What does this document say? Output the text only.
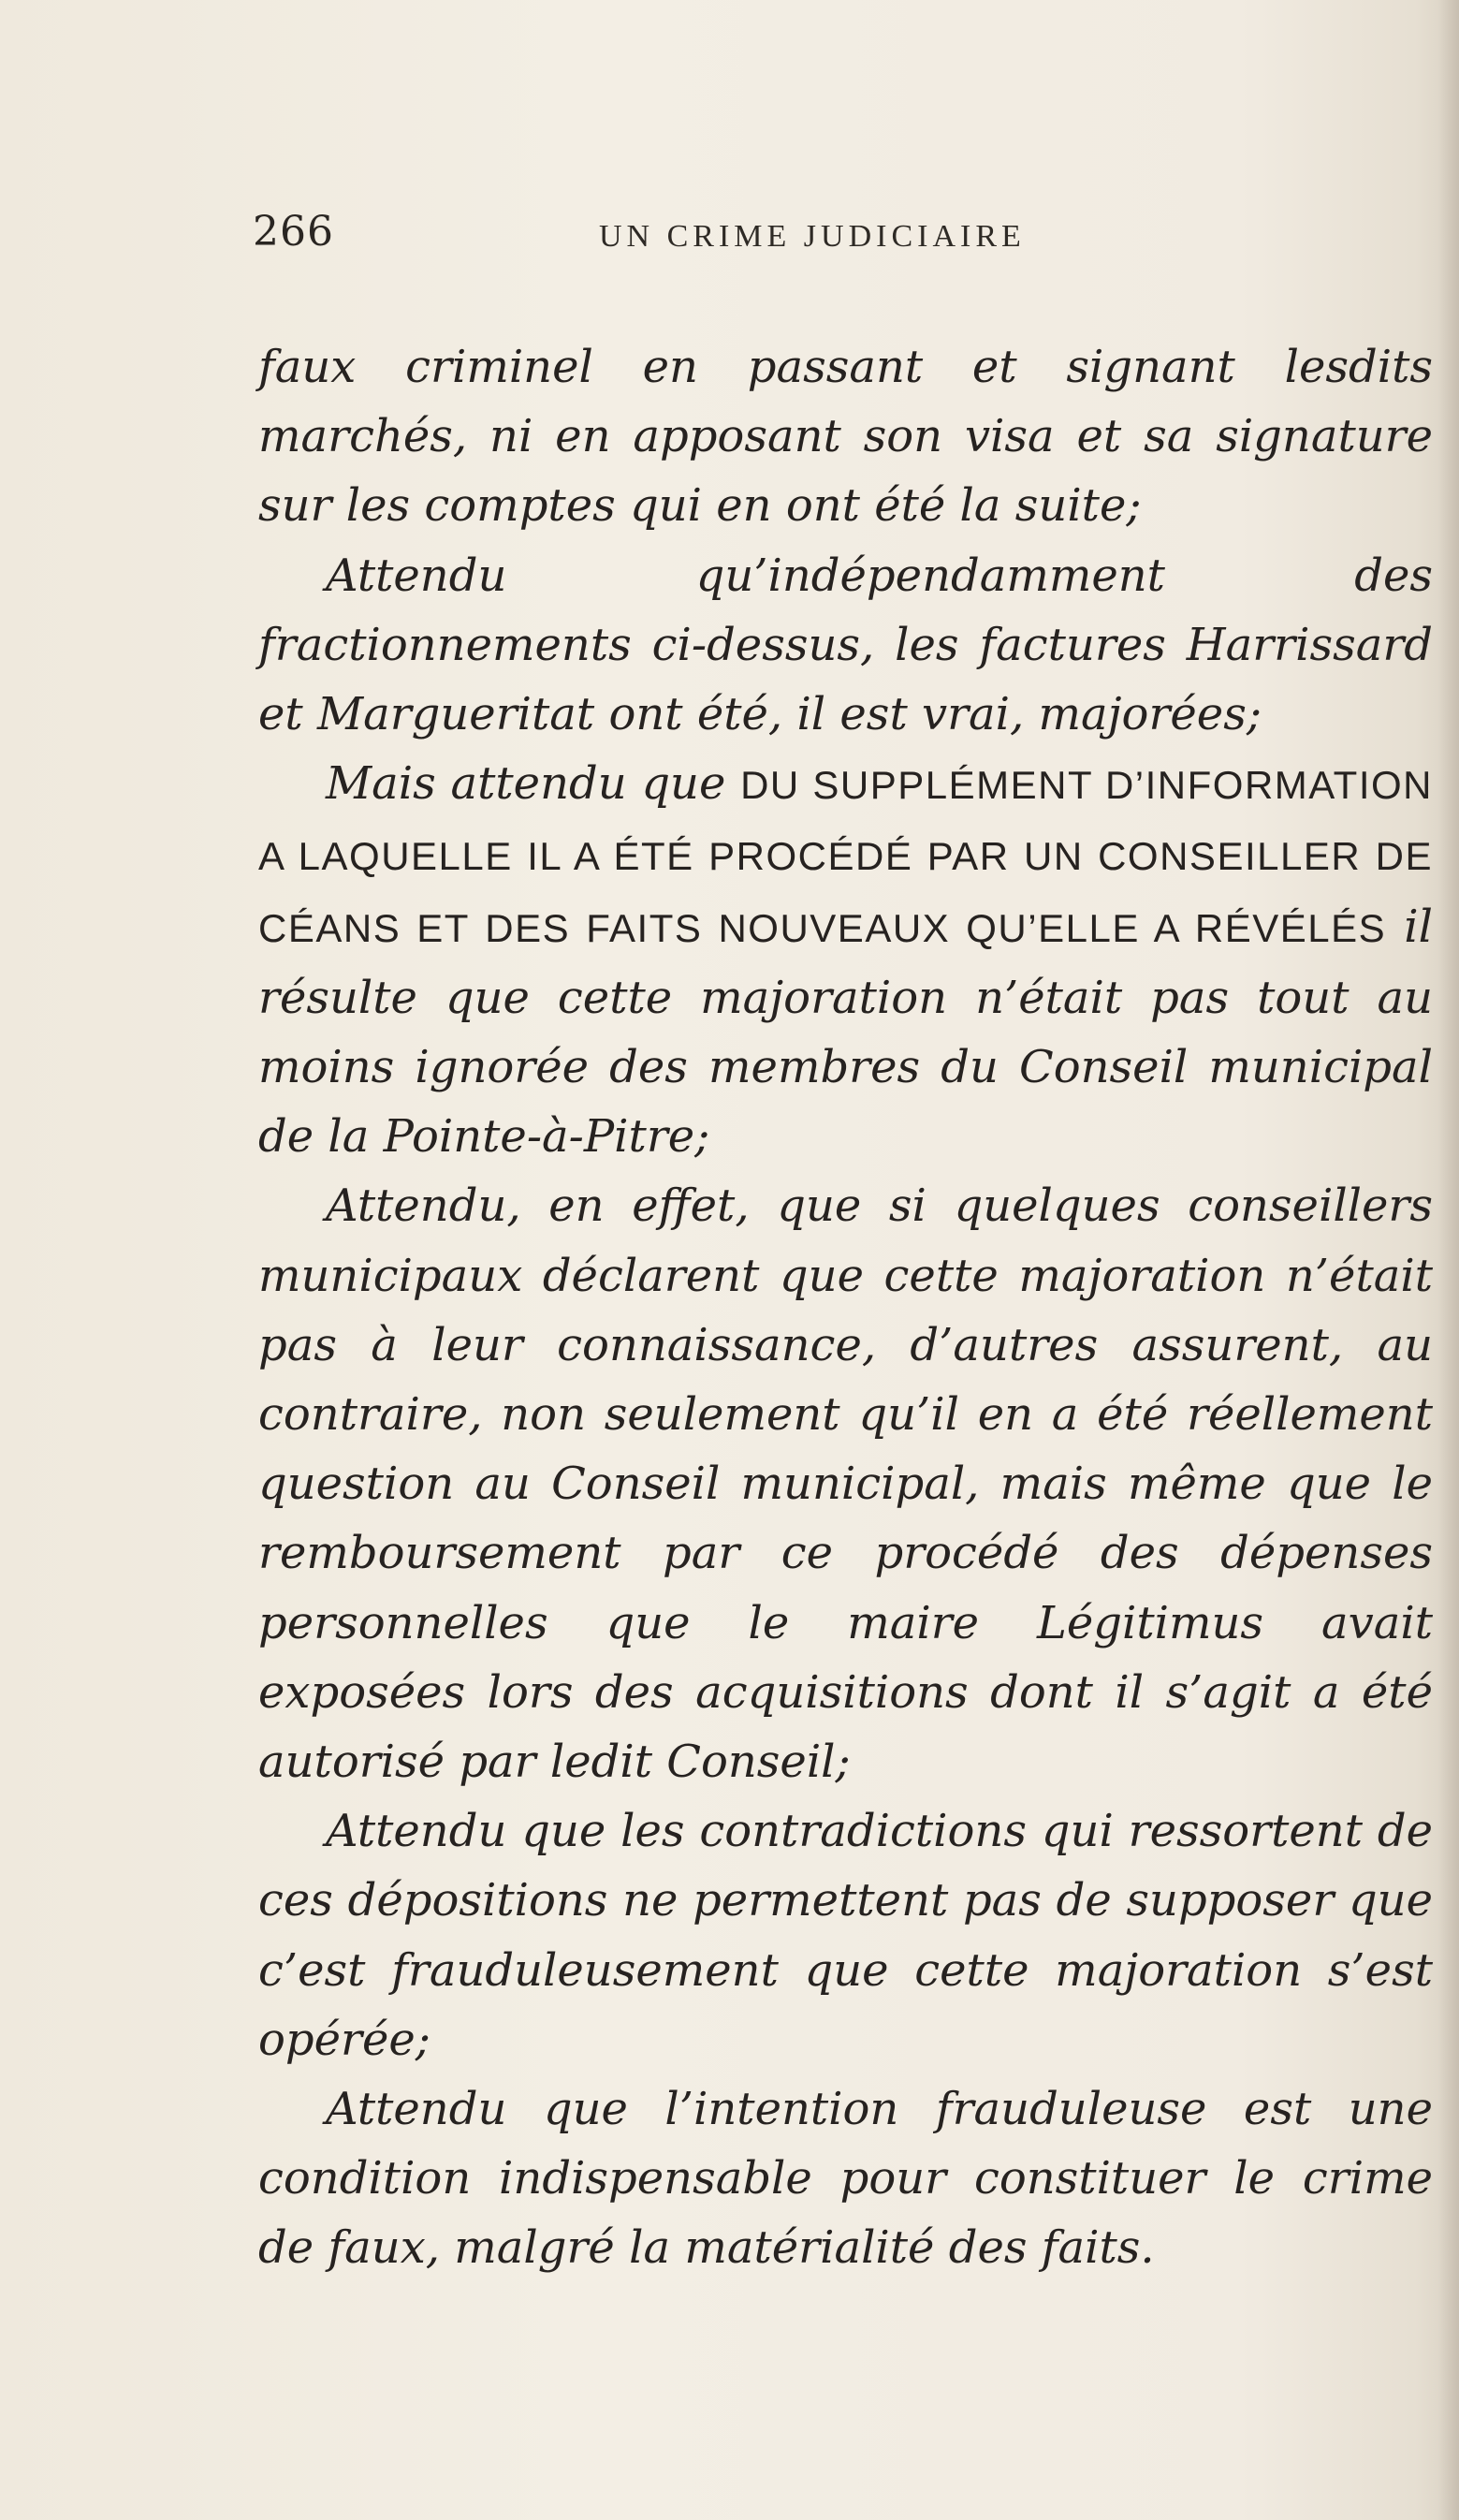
266	UN CRIME JUDICIAIRE

faux criminel en passant et signant lesdits marchés, ni en apposant son visa et sa signature sur les comptes qui en ont été la suite;

Attendu qu’indépendamment des fractionnements ci-dessus, les factures Harrissard et Margueritat ont été, il est vrai, majorées;

Mais attendu que DU SUPPLÉMENT D’INFORMATION A LAQUELLE IL A ÉTÉ PROCÉDÉ PAR UN CONSEILLER DE CÉANS ET DES FAITS NOUVEAUX QU’ELLE A RÉVÉLÉS il résulte que cette majoration n’était pas tout au moins ignorée des membres du Conseil municipal de la Pointe-à-Pitre;

Attendu, en effet, que si quelques conseillers municipaux déclarent que cette majoration n’était pas à leur connaissance, d’autres assurent, au contraire, non seulement qu’il en a été réellement question au Conseil municipal, mais même que le remboursement par ce procédé des dépenses personnelles que le maire Légitimus avait exposées lors des acquisitions dont il s’agit a été autorisé par ledit Conseil;

Attendu que les contradictions qui ressortent de ces dépositions ne permettent pas de supposer que c’est frauduleusement que cette majoration s’est opérée;

Attendu que l’intention frauduleuse est une condition indispensable pour constituer le crime de faux, malgré la matérialité des faits.
